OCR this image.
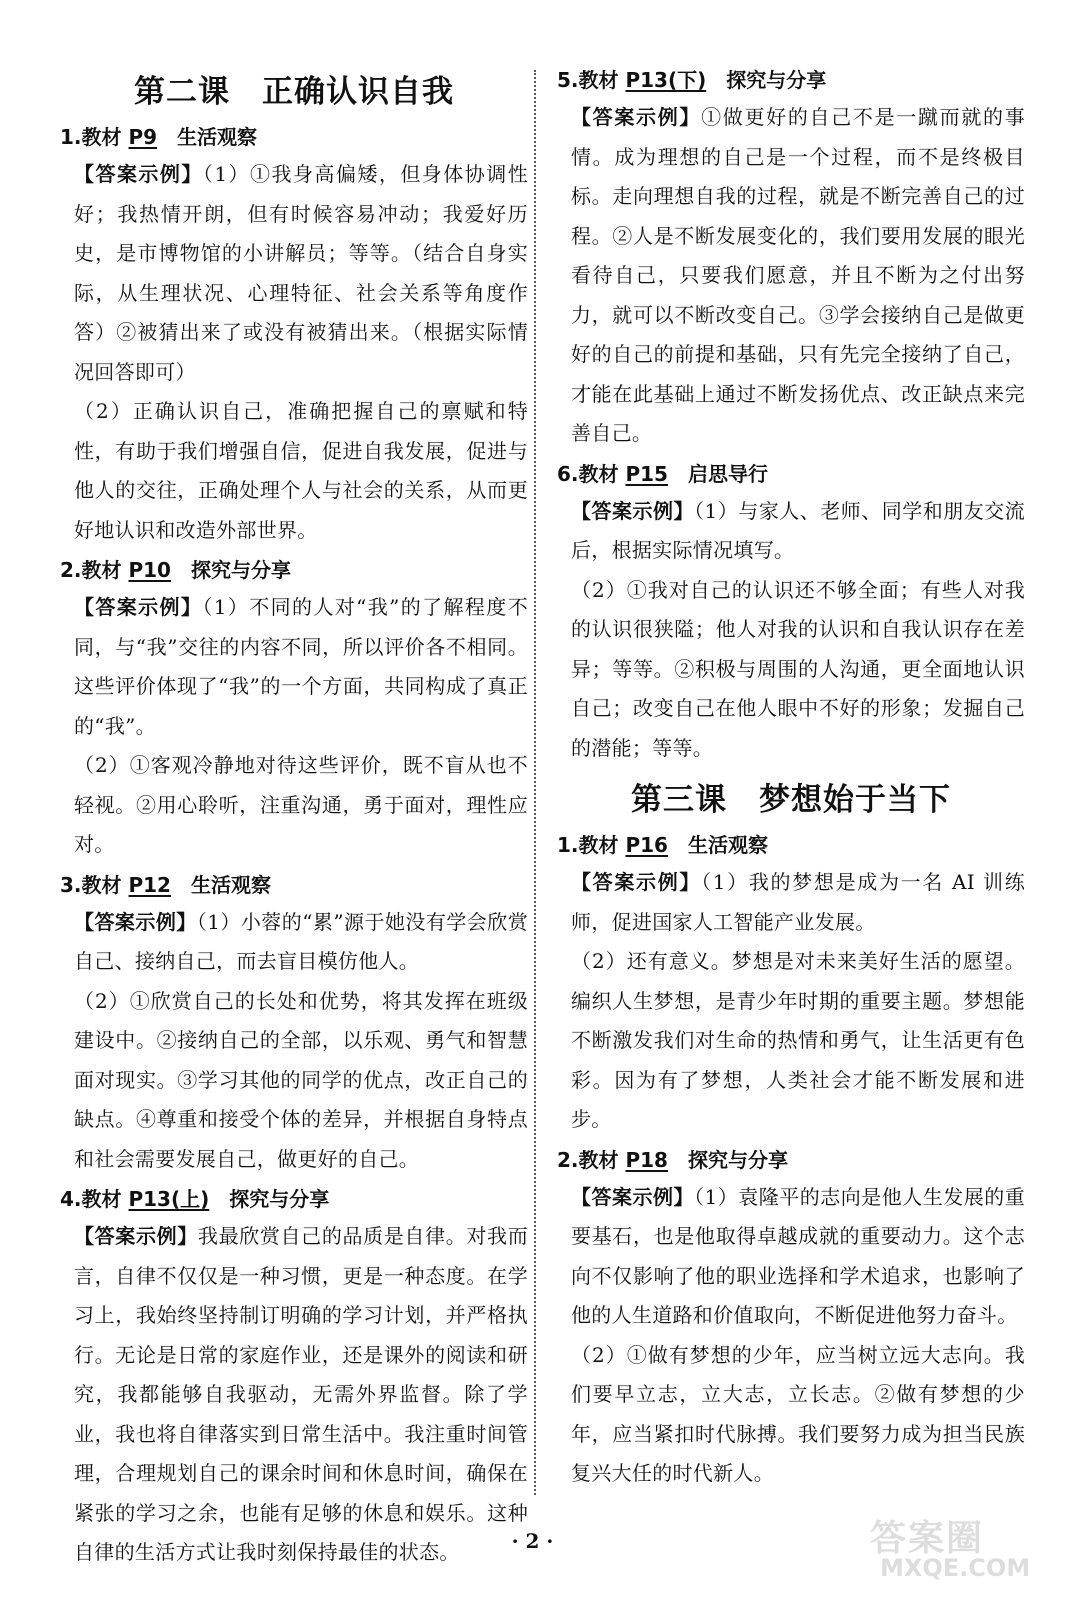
第二课　正确认识自我
1.教材 P9 生活观察

【答案示例】（1）①我身高偏矮，但身体协调性好；我热情开朗，但有时候容易冲动；我爱好历史，是市博物馆的小讲解员；等等。（结合自身实际，从生理状况、心理特征、社会关系等角度作答）②被猜出来了或没有被猜出来。（根据实际情况回答即可）

（2）正确认识自己，准确把握自己的禀赋和特性，有助于我们增强自信，促进自我发展，促进与他人的交往，正确处理个人与社会的关系，从而更好地认识和改造外部世界。

2.教材 P10 探究与分享

【答案示例】（1）不同的人对“我”的了解程度不同，与“我”交往的内容不同，所以评价各不相同。这些评价体现了“我”的一个方面，共同构成了真正的“我”。

（2）①客观冷静地对待这些评价，既不盲从也不轻视。②用心聆听，注重沟通，勇于面对，理性应对。

3.教材 P12 生活观察

【答案示例】（1）小蓉的“累”源于她没有学会欣赏自己、接纳自己，而去盲目模仿他人。

（2）①欣赏自己的长处和优势，将其发挥在班级建设中。②接纳自己的全部，以乐观、勇气和智慧面对现实。③学习其他的同学的优点，改正自己的缺点。④尊重和接受个体的差异，并根据自身特点和社会需要发展自己，做更好的自己。

4.教材 P13(上) 探究与分享

【答案示例】我最欣赏自己的品质是自律。对我而言，自律不仅仅是一种习惯，更是一种态度。在学习上，我始终坚持制订明确的学习计划，并严格执行。无论是日常的家庭作业，还是课外的阅读和研究，我都能够自我驱动，无需外界监督。除了学业，我也将自律落实到日常生活中。我注重时间管理，合理规划自己的课余时间和休息时间，确保在紧张的学习之余，也能有足够的休息和娱乐。这种自律的生活方式让我时刻保持最佳的状态。

5.教材 P13(下) 探究与分享

【答案示例】①做更好的自己不是一蹴而就的事情。成为理想的自己是一个过程，而不是终极目标。走向理想自我的过程，就是不断完善自己的过程。②人是不断发展变化的，我们要用发展的眼光看待自己，只要我们愿意，并且不断为之付出努力，就可以不断改变自己。③学会接纳自己是做更好的自己的前提和基础，只有先完全接纳了自己，才能在此基础上通过不断发扬优点、改正缺点来完善自己。

6.教材 P15 启思导行

【答案示例】（1）与家人、老师、同学和朋友交流后，根据实际情况填写。

（2）①我对自己的认识还不够全面；有些人对我的认识很狭隘；他人对我的认识和自我认识存在差异；等等。②积极与周围的人沟通，更全面地认识自己；改变自己在他人眼中不好的形象；发掘自己的潜能；等等。

第三课　梦想始于当下
1.教材 P16 生活观察

【答案示例】（1）我的梦想是成为一名 AI 训练师，促进国家人工智能产业发展。

（2）还有意义。梦想是对未来美好生活的愿望。编织人生梦想，是青少年时期的重要主题。梦想能不断激发我们对生命的热情和勇气，让生活更有色彩。因为有了梦想，人类社会才能不断发展和进步。

2.教材 P18 探究与分享

【答案示例】（1）袁隆平的志向是他人生发展的重要基石，也是他取得卓越成就的重要动力。这个志向不仅影响了他的职业选择和学术追求，也影响了他的人生道路和价值取向，不断促进他努力奋斗。

（2）①做有梦想的少年，应当树立远大志向。我们要早立志，立大志，立长志。②做有梦想的少年，应当紧扣时代脉搏。我们要努力成为担当民族复兴大任的时代新人。

· 2 ·	答案圈
MXQE.COM
